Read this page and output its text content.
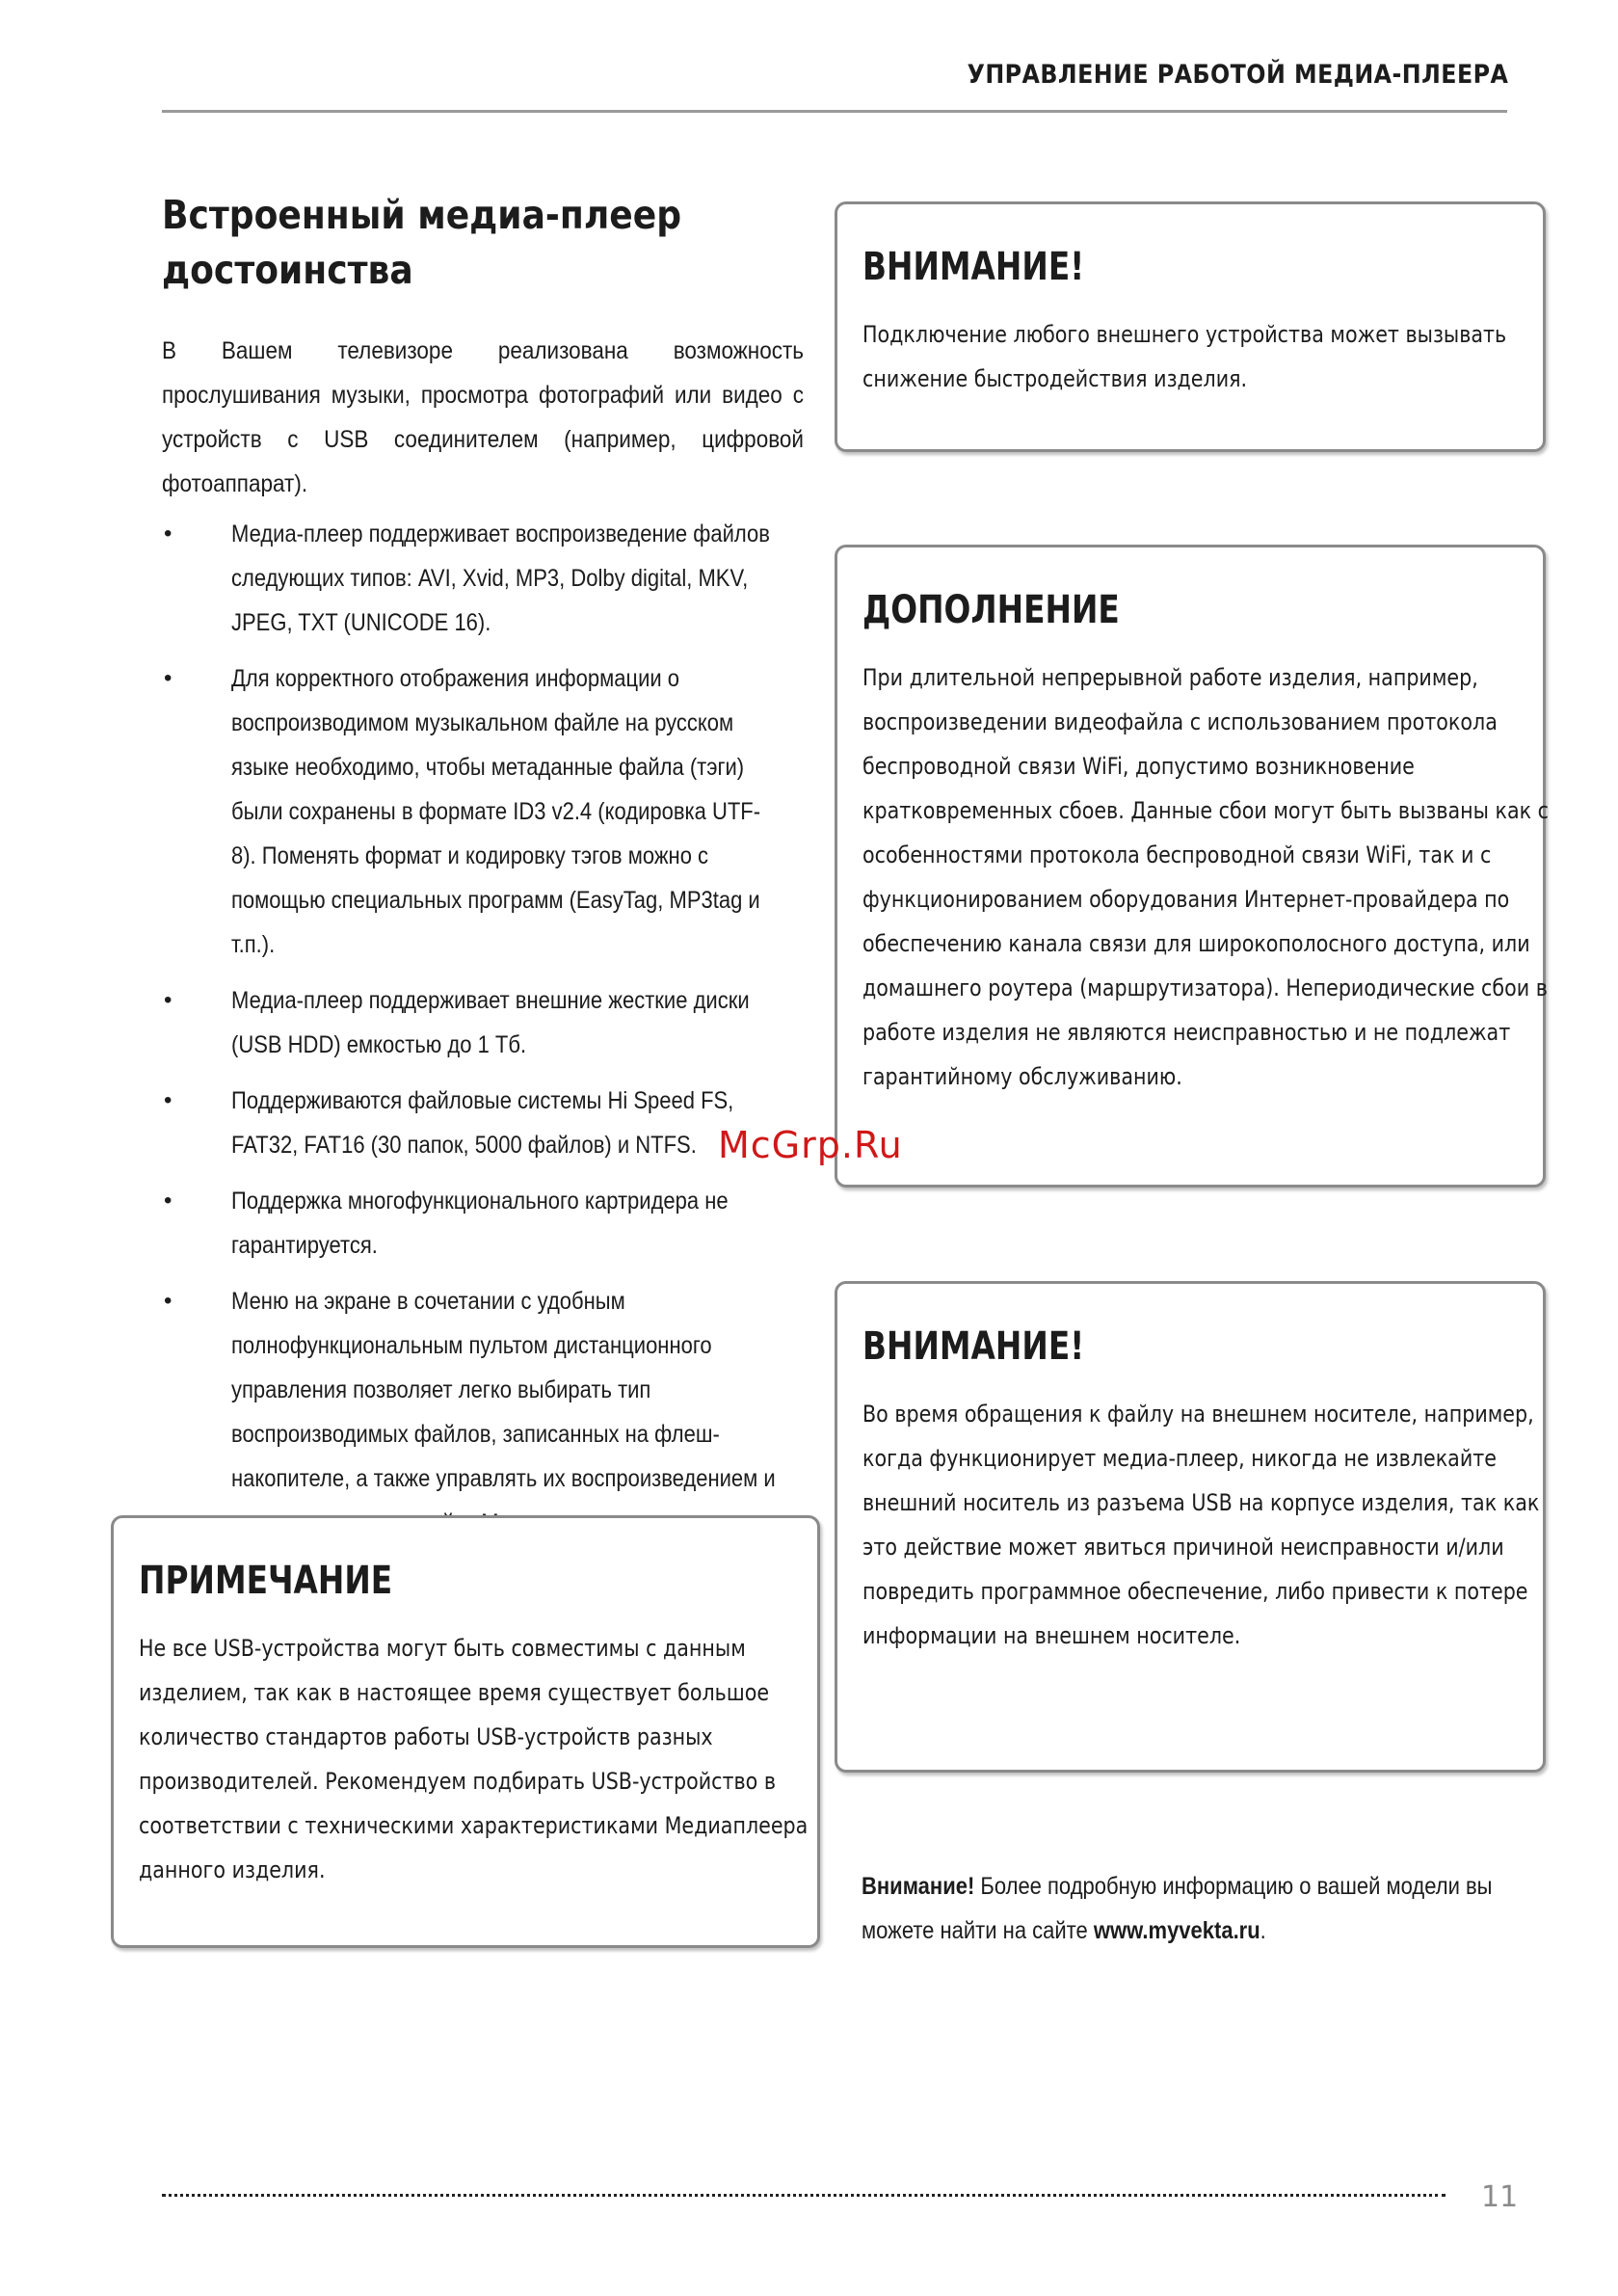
УПРАВЛЕНИЕ РАБОТОЙ МЕДИА-ПЛЕЕРА
Встроенный медиа-плеер достоинства

В Вашем телевизоре реализована возможность прослушивания музыки, просмотра фотографий или видео с устройств с USB соединителем (например, цифровой фотоаппарат).

• Медиа-плеер поддерживает воспроизведение файлов следующих типов: AVI, Xvid, MP3, Dolby digital, MKV, JPEG, TXT (UNICODE 16).
• Для корректного отображения информации о воспроизводимом музыкальном файле на русском языке необходимо, чтобы метаданные файла (тэги) были сохранены в формате ID3 v2.4 (кодировка UTF-8). Поменять формат и кодировку тэгов можно с помощью специальных программ (EasyTag, MP3tag и т.п.).
• Медиа-плеер поддерживает внешние жесткие диски (USB HDD) емкостью до 1 Тб.
• Поддерживаются файловые системы Hi Speed FS, FAT32, FAT16 (30 папок, 5000 файлов) и NTFS.
• Поддержка многофункционального картридера не гарантируется.
• Меню на экране в сочетании с удобным полнофункциональным пультом дистанционного управления позволяет легко выбирать тип воспроизводимых файлов, записанных на флеш-накопителе, а также управлять их воспроизведением и
ПРИМЕЧАНИЕ

Не все USB-устройства могут быть совместимы с данным изделием, так как в настоящее время существует большое количество стандартов работы USB-устройств разных производителей. Рекомендуем подбирать USB-устройство в соответствии с техническими характеристиками Медиаплеера данного изделия.

ВНИМАНИЕ!

Подключение любого внешнего устройства может вызывать снижение быстродействия изделия.

ДОПОЛНЕНИЕ

При длительной непрерывной работе изделия, например, воспроизведении видеофайла с использованием протокола беспроводной связи WiFi, допустимо возникновение кратковременных сбоев. Данные сбои могут быть вызваны как с особенностями протокола беспроводной связи WiFi, так и с функционированием оборудования Интернет-провайдера по обеспечению канала связи для широкополосного доступа, или домашнего роутера (маршрутизатора). Непериодические сбои в работе изделия не являются неисправностью и не подлежат гарантийному обслуживанию.

ВНИМАНИЕ!

Во время обращения к файлу на внешнем носителе, например, когда функционирует медиа-плеер, никогда не извлекайте внешний носитель из разъема USB на корпусе изделия, так как это действие может явиться причиной неисправности и/или повредить программное обеспечение, либо привести к потере информации на внешнем носителе.

Внимание! Более подробную информацию о вашей модели вы можете найти на сайте www.myvekta.ru.
McGrp.Ru
11
